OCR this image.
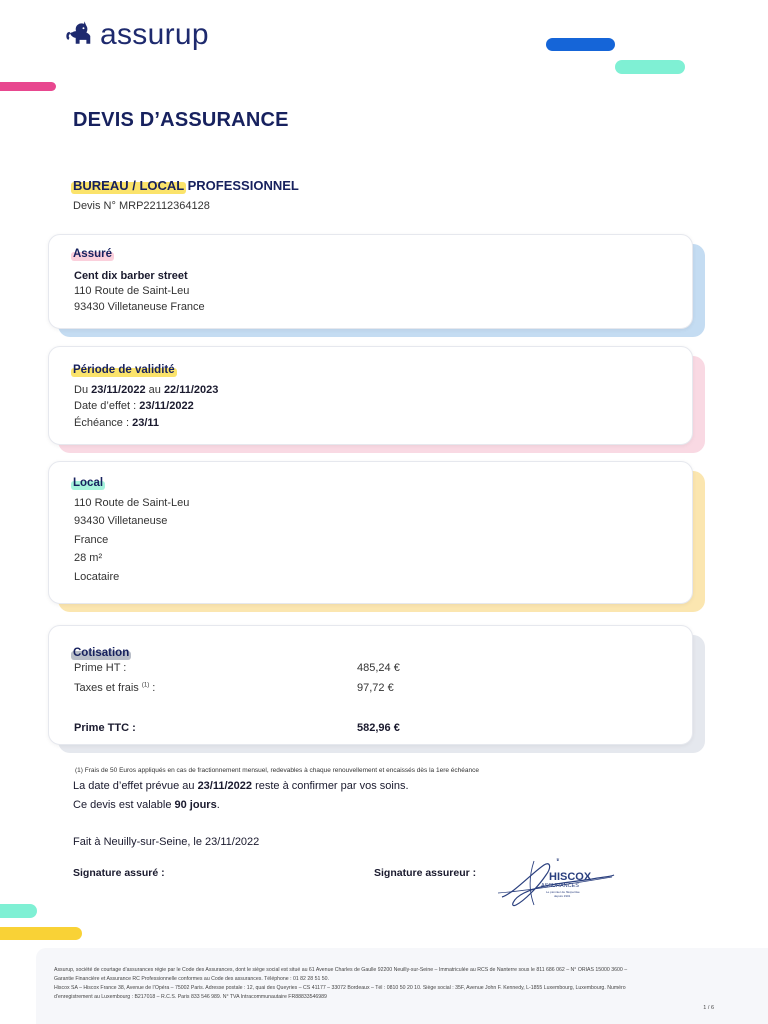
assurup
DEVIS D’ASSURANCE
BUREAU / LOCAL PROFESSIONNEL
Devis N° MRP22112364128
Assuré
Cent dix barber street
110 Route de Saint-Leu
93430 Villetaneuse France
Période de validité
Du 23/11/2022 au 22/11/2023
Date d’effet : 23/11/2022
Échéance : 23/11
Local
110 Route de Saint-Leu
93430 Villetaneuse
France
28 m²
Locataire
Cotisation
Prime HT :	485,24 €
Taxes et frais $^{(1)}$ :	97,72 €
Prime TTC :	582,96 €
(1) Frais de 50 Euros appliqués en cas de fractionnement mensuel, redevables à chaque renouvellement et encaissés dès la 1ere échéance
La date d’effet prévue au 23/11/2022 reste à confirmer par vos soins.
Ce devis est valable 90 jours.
Fait à Neuilly-sur-Seine, le 23/11/2022
Signature assuré :	Signature assureur :
♛
HISCOX
ASSURANCES
Le pionnier de l’Expertise
depuis 1901
Assurup, société de courtage d’assurances régie par le Code des Assurances, dont le siège social est situé au 61 Avenue Charles de Gaulle 92200 Neuilly-sur-Seine – Immatriculée au RCS de Nanterre sous le 811 686 062 – N° ORIAS 15000 3600 –
Garantie Financière et Assurance RC Professionnelle conformes au Code des assurances. Téléphone : 01 82 28 51 50.
Hiscox SA – Hiscox France 38, Avenue de l’Opéra – 75002 Paris. Adresse postale : 12, quai des Queyries – CS 41177 – 33072 Bordeaux – Tél : 0810 50 20 10. Siège social : 35F, Avenue John F. Kennedy, L-1855 Luxembourg, Luxembourg. Numéro
d’enregistrement au Luxembourg : B217018 – R.C.S. Paris 833 546 989. N° TVA Intracommunautaire FR88833546989
1 / 6
